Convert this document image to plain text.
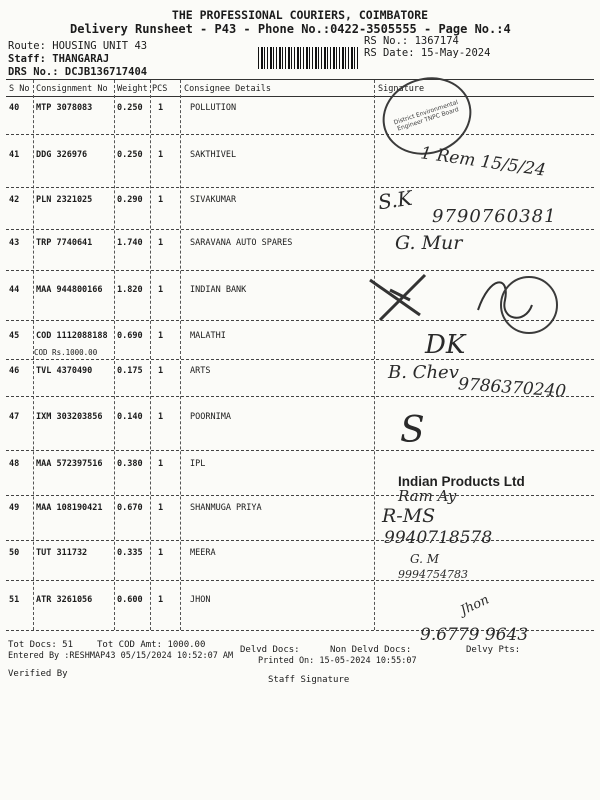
THE PROFESSIONAL COURIERS, COIMBATORE
Delivery Runsheet - P43 - Phone No.:0422-3505555 - Page No.:4
Route: HOUSING UNIT 43
Staff: THANGARAJ
DRS No.: DCJB136717404
RS No.: 1367174
RS Date: 15-May-2024
S No Consignment No Weight PCS Consignee Details	Signature
40 MTP 3078083	0.250 1	POLLUTION
41 DDG 326976	0.250 1	SAKTHIVEL
42 PLN 2321025	0.290 1	SIVAKUMAR
43 TRP 7740641	1.740 1	SARAVANA AUTO SPARES
44 MAA 944800166 1.820 1	INDIAN BANK
45 COD 1112088188 0.690 1	MALATHI
COD Rs.1000.00
46 TVL 4370490	0.175 1	ARTS
47 IXM 303203856 0.140 1	POORNIMA
48 MAA 572397516 0.380 1	IPL
49 MAA 108190421 0.670 1	SHANMUGA PRIYA
50 TUT 311732	0.335 1	MEERA
51 ATR 3261056	0.600 1	JHON
District Environmental Engineer TNPC Board
1 Rem 15/5/24
S.K
9790760381
G. Mur
DK
B. Chev
9786370240
S
Indian Products Ltd
Ram Ay
R-MS
9940718578
G. M
9994754783
Jhon
9.6779 9643
Tot Docs: 51	Tot COD Amt: 1000.00	Delvd Docs:	Non Delvd Docs:	Delvy Pts:
Entered By :RESHMAP43 05/15/2024 10:52:07 AM	Printed On: 15-05-2024 10:55:07
Verified By
Staff Signature
